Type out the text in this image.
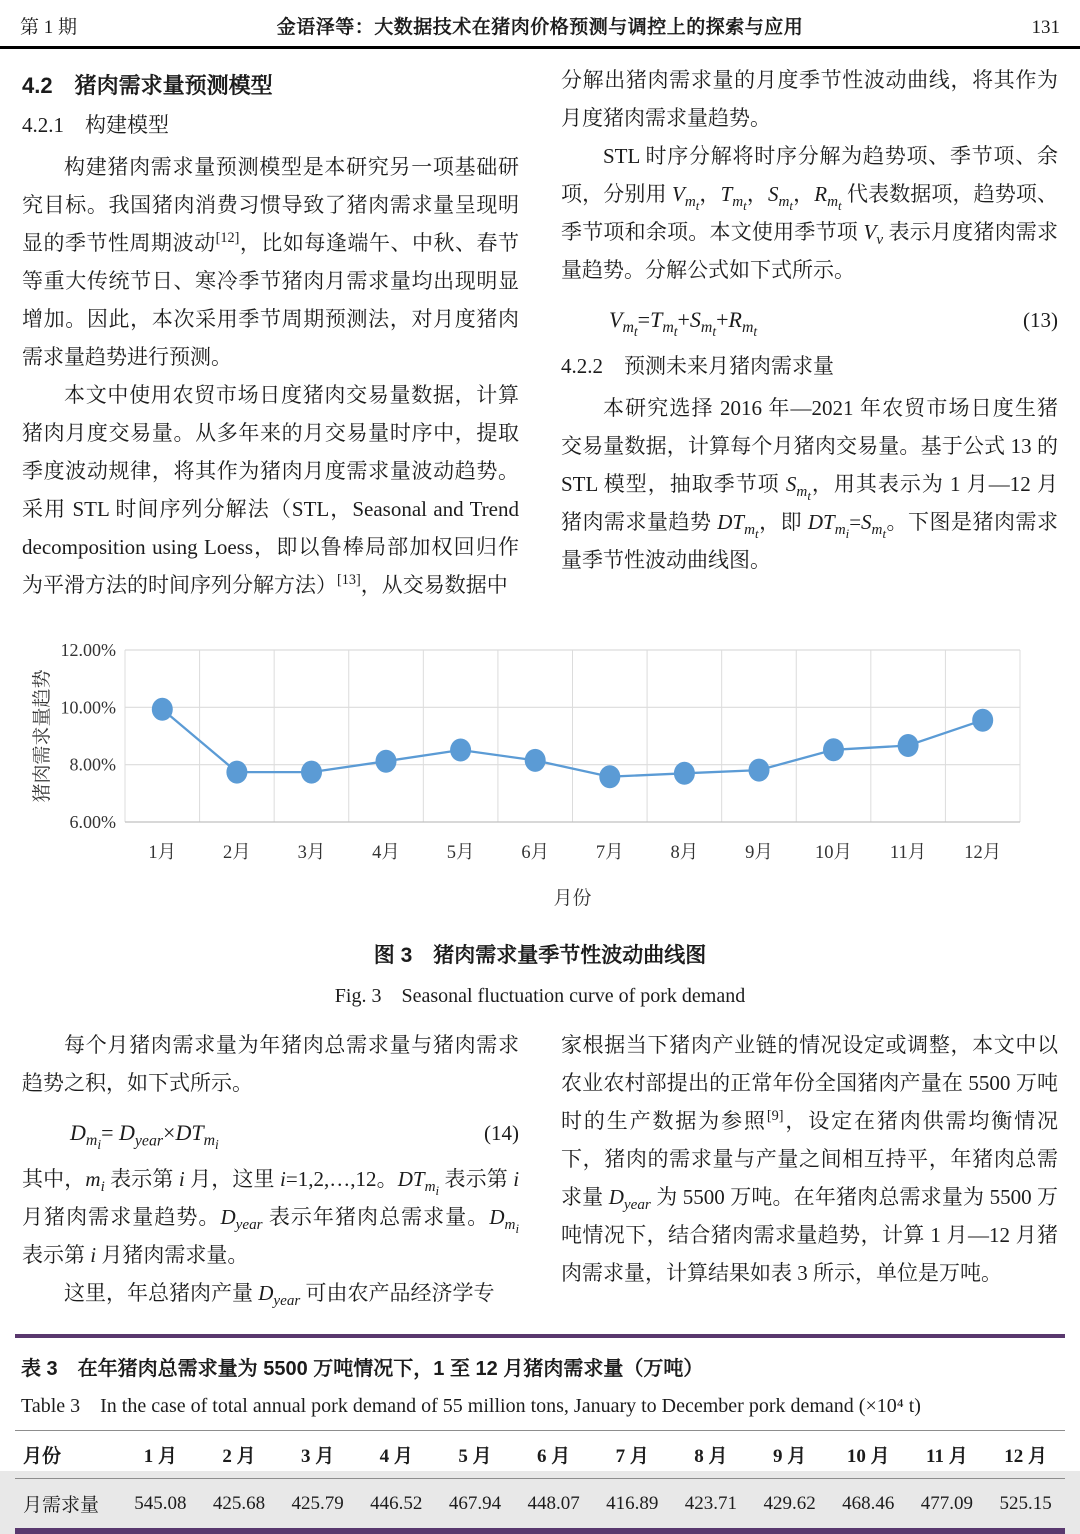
第 1 期	金语泽等：大数据技术在猪肉价格预测与调控上的探索与应用	131
4.2　猪肉需求量预测模型
4.2.1　构建模型

构建猪肉需求量预测模型是本研究另一项基础研究目标。我国猪肉消费习惯导致了猪肉需求量呈现明显的季节性周期波动[12]，比如每逢端午、中秋、春节等重大传统节日、寒冷季节猪肉月需求量均出现明显增加。因此，本次采用季节周期预测法，对月度猪肉需求量趋势进行预测。

本文中使用农贸市场日度猪肉交易量数据，计算猪肉月度交易量。从多年来的月交易量时序中，提取季度波动规律，将其作为猪肉月度需求量波动趋势。采用 STL 时间序列分解法（STL，Seasonal and Trend decomposition using Loess，即以鲁棒局部加权回归作为平滑方法的时间序列分解方法）[13]，从交易数据中

分解出猪肉需求量的月度季节性波动曲线，将其作为月度猪肉需求量趋势。

STL 时序分解将时序分解为趋势项、季节项、余项，分别用 $V_{m_t}$，$T_{m_t}$，$S_{m_t}$，$R_{m_t}$ 代表数据项，趋势项、季节项和余项。本文使用季节项 $V_v$ 表示月度猪肉需求量趋势。分解公式如下式所示。

$V_{m_t}=T_{m_t}+S_{m_t}+R_{m_t}$
(13)
4.2.2　预测未来月猪肉需求量

本研究选择 2016 年—2021 年农贸市场日度生猪交易量数据，计算每个月猪肉交易量。基于公式 13 的 STL 模型，抽取季节项 $S_{m_t}$，用其表示为 1 月—12 月猪肉需求量趋势 $DT_{m_t}$，即 $DT_{m_i}=S_{m_t}$。下图是猪肉需求量季节性波动曲线图。

6.00%
8.00%
10.00%
12.00%
1月	2月	3月	4月	5月	6月	7月	8月	9月 10月 11月 12月
猪肉需求量趋势
月份
图 3　猪肉需求量季节性波动曲线图
Fig. 3　Seasonal fluctuation curve of pork demand

每个月猪肉需求量为年猪肉总需求量与猪肉需求趋势之积，如下式所示。

$D_{m_i}= D_{year}\times DT_{m_i}$
(14)

其中，$m_i$ 表示第 i 月，这里 i=1,2,…,12。$DT_{m_i}$ 表示第 i 月猪肉需求量趋势。$D_{year}$ 表示年猪肉总需求量。$D_{m_i}$ 表示第 i 月猪肉需求量。

这里，年总猪肉产量 $D_{year}$ 可由农产品经济学专

家根据当下猪肉产业链的情况设定或调整，本文中以农业农村部提出的正常年份全国猪肉产量在 5500 万吨时的生产数据为参照[9]，设定在猪肉供需均衡情况下，猪肉的需求量与产量之间相互持平，年猪肉总需求量 $D_{year}$ 为 5500 万吨。在年猪肉总需求量为 5500 万吨情况下，结合猪肉需求量趋势，计算 1 月—12 月猪肉需求量，计算结果如表 3 所示，单位是万吨。

表 3　在年猪肉总需求量为 5500 万吨情况下，1 至 12 月猪肉需求量（万吨）
Table 3　In the case of total annual pork demand of 55 million tons, January to December pork demand (×10⁴ t)
月份	1 月	2 月	3 月	4 月	5 月	6 月	7 月	8 月	9 月	10 月	11 月	12 月
月需求量	545.08	425.68	425.79	446.52	467.94	448.07	416.89	423.71	429.62	468.46	477.09	525.15
